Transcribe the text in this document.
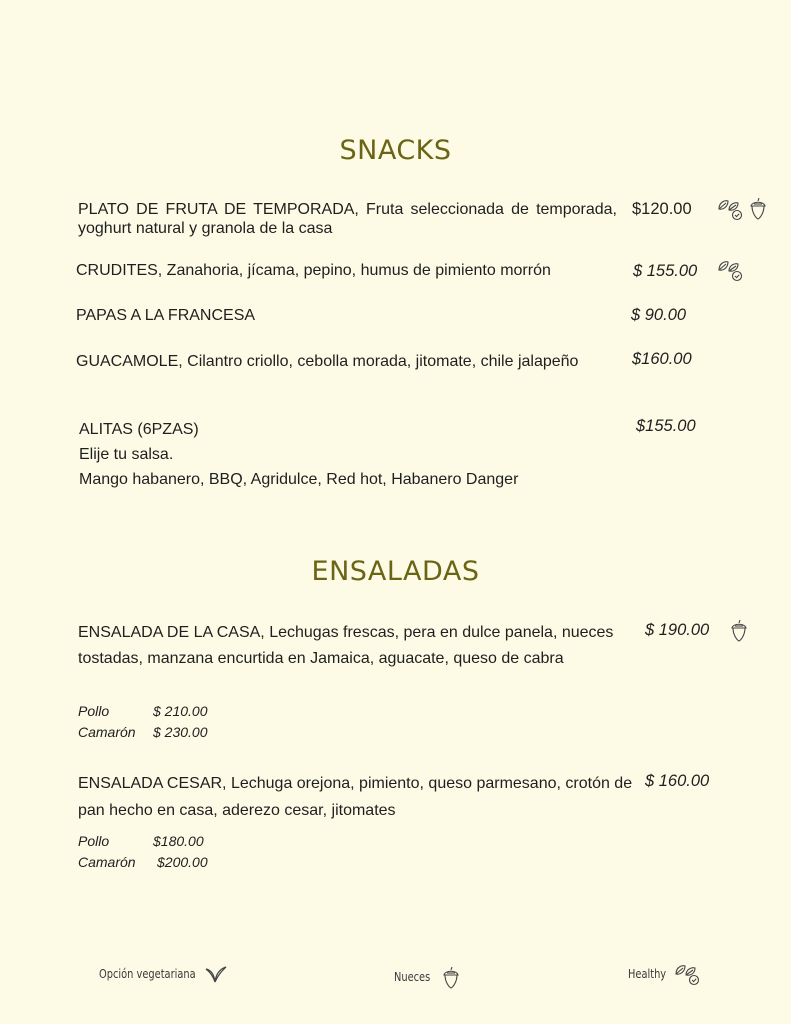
SNACKS
PLATO DE FRUTA DE TEMPORADA, Fruta seleccionada de temporada, yoghurt natural y granola de la casa
$120.00
CRUDITES, Zanahoria, jícama, pepino, humus de pimiento morrón	$ 155.00
PAPAS A LA FRANCESA	$ 90.00
GUACAMOLE, Cilantro criollo, cebolla morada, jitomate, chile jalapeño	$160.00
ALITAS (6PZAS)
Elije tu salsa.
Mango habanero, BBQ, Agridulce, Red hot, Habanero Danger
$155.00
ENSALADAS
ENSALADA DE LA CASA, Lechugas frescas, pera en dulce panela, nueces tostadas, manzana encurtida en Jamaica, aguacate, queso de cabra
$ 190.00
Pollo	$ 210.00
Camarón $ 230.00
ENSALADA CESAR, Lechuga orejona, pimiento, queso parmesano, crotón de pan hecho en casa, aderezo cesar, jitomates
$ 160.00
Pollo	$180.00
Camarón $200.00
Opción vegetariana	Nueces	Healthy
